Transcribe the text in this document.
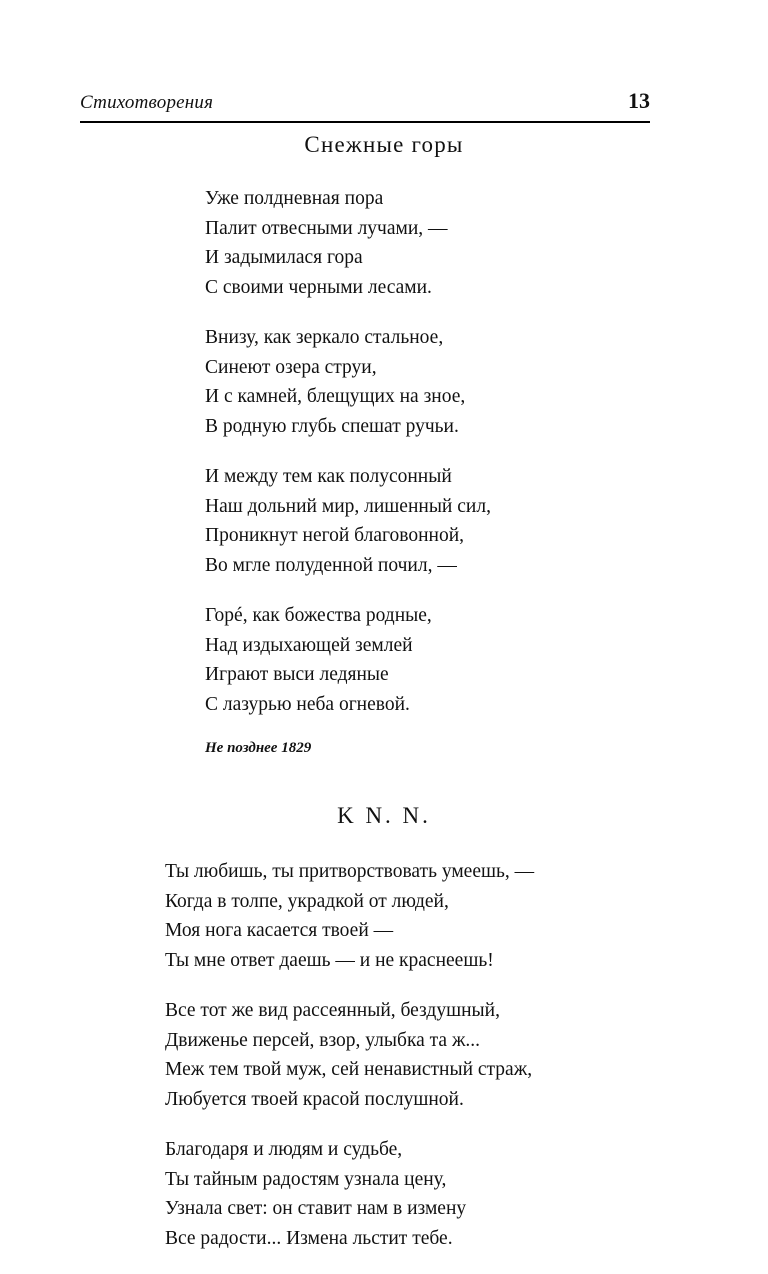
Стихотворения	13
Снежные горы
Уже полдневная пора
Палит отвесными лучами, —
И задымилася гора
С своими черными лесами.
Внизу, как зеркало стальное,
Синеют озера струи,
И с камней, блещущих на зное,
В родную глубь спешат ручьи.
И между тем как полусонный
Наш дольний мир, лишенный сил,
Проникнут негой благовонной,
Во мгле полуденной почил, —
Горé, как божества родные,
Над издыхающей землей
Играют выси ледяные
С лазурью неба огневой.
Не позднее 1829
K N. N.
Ты любишь, ты притворствовать умеешь, —
Когда в толпе, украдкой от людей,
Моя нога касается твоей —
Ты мне ответ даешь — и не краснеешь!
Все тот же вид рассеянный, бездушный,
Движенье персей, взор, улыбка та ж...
Меж тем твой муж, сей ненавистный страж,
Любуется твоей красой послушной.
Благодаря и людям и судьбе,
Ты тайным радостям узнала цену,
Узнала свет: он ставит нам в измену
Все радости... Измена льстит тебе.
